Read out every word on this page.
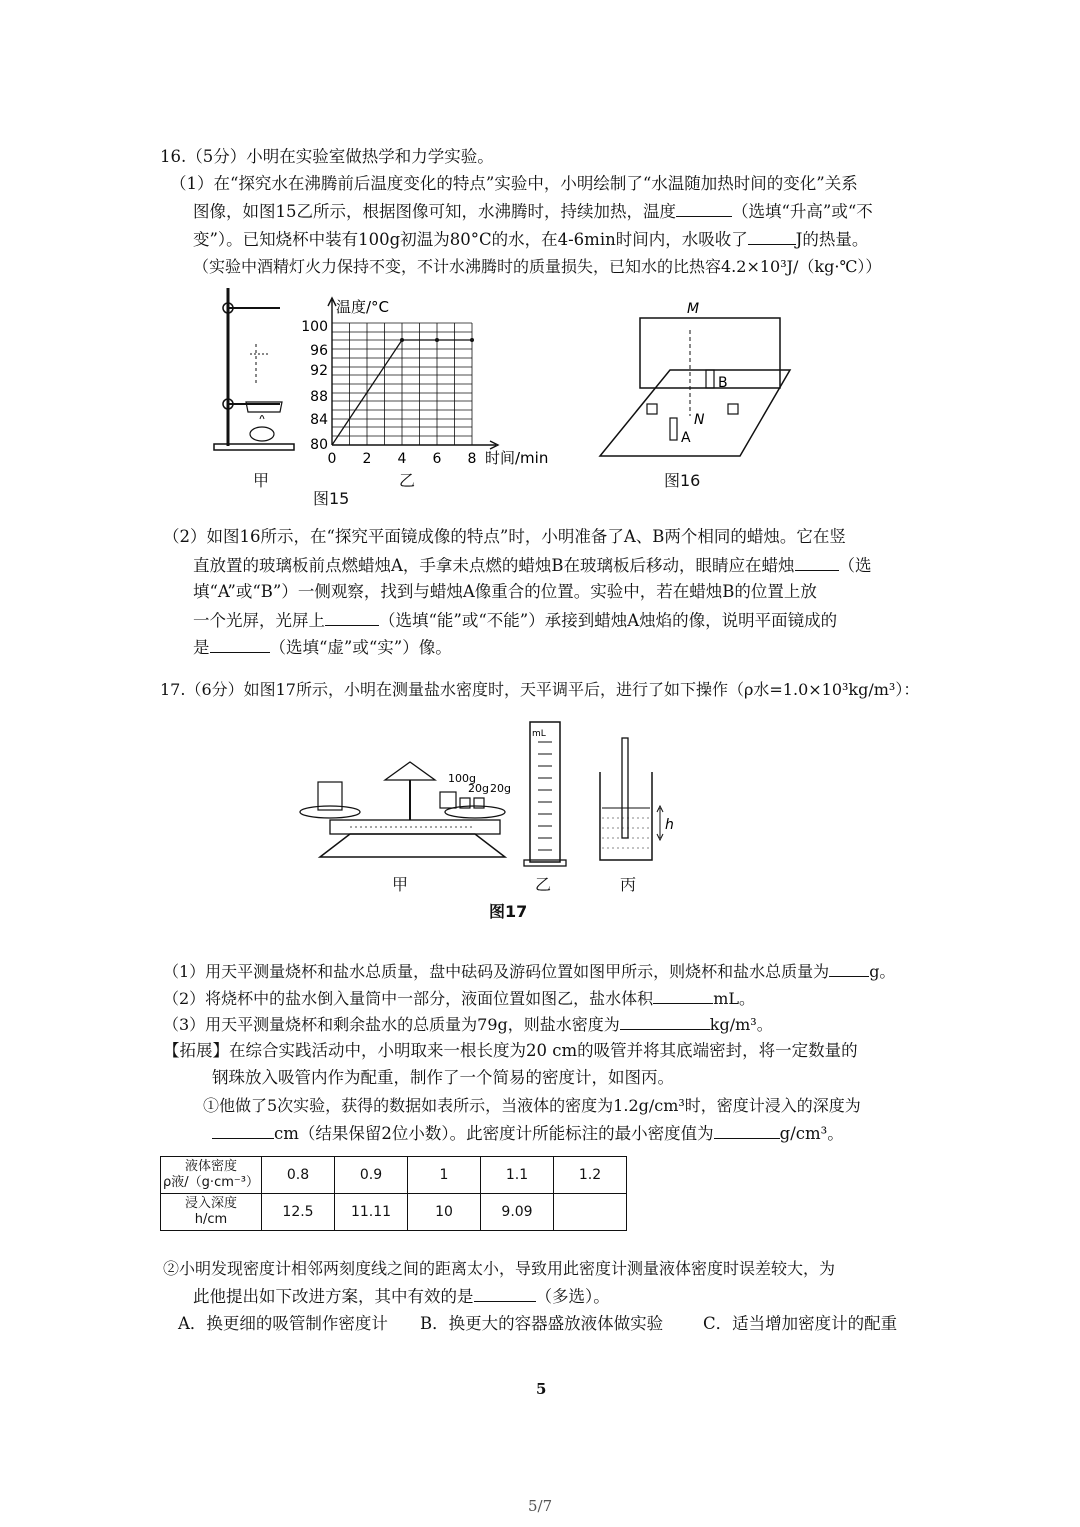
16.（5分）小明在实验室做热学和力学实验。
（1）在“探究水在沸腾前后温度变化的特点”实验中，小明绘制了“水温随加热时间的变化”关系
图像，如图15乙所示，根据图像可知，水沸腾时，持续加热，温度	（选填“升高”或“不
变”）。已知烧杯中装有100g初温为80°C的水，在4-6min时间内，水吸收了	J的热量。
（实验中酒精灯火力保持不变，不计水沸腾时的质量损失，已知水的比热容4.2×10³J/（kg·℃））
甲
图15
温度/°C
100
96
92
88
84
80
0 2 4 6 8 时间/min
乙
M
B
N
A
图16
（2）如图16所示，在“探究平面镜成像的特点”时，小明准备了A、B两个相同的蜡烛。它在竖
直放置的玻璃板前点燃蜡烛A，手拿未点燃的蜡烛B在玻璃板后移动，眼睛应在蜡烛	（选
填“A”或“B”）一侧观察，找到与蜡烛A像重合的位置。实验中，若在蜡烛B的位置上放
一个光屏，光屏上	（选填“能”或“不能”）承接到蜡烛A烛焰的像，说明平面镜成的
是	（选填“虚”或“实”）像。
17.（6分）如图17所示，小明在测量盐水密度时，天平调平后，进行了如下操作（ρ水=1.0×10³kg/m³）：
100g
20g 20g
mL
h
甲	乙	丙
图17
（1）用天平测量烧杯和盐水总质量，盘中砝码及游码位置如图甲所示，则烧杯和盐水总质量为	g。
（2）将烧杯中的盐水倒入量筒中一部分，液面位置如图乙，盐水体积	mL。
（3）用天平测量烧杯和剩余盐水的总质量为79g，则盐水密度为	kg/m³。
【拓展】在综合实践活动中，小明取来一根长度为20 cm的吸管并将其底端密封，将一定数量的
钢珠放入吸管内作为配重，制作了一个简易的密度计，如图丙。
①他做了5次实验，获得的数据如表所示，当液体的密度为1.2g/cm³时，密度计浸入的深度为
cm（结果保留2位小数）。此密度计所能标注的最小密度值为	g/cm³。
液体密度
ρ液/（g·cm⁻³）	0.8	0.9	1	1.1	1.2
浸入深度
h/cm	12.5	11.11	10	9.09	
②小明发现密度计相邻两刻度线之间的距离太小，导致用此密度计测量液体密度时误差较大，为
此他提出如下改进方案，其中有效的是	（多选）。
A．换更细的吸管制作密度计 B．换更大的容器盛放液体做实验 C．适当增加密度计的配重
5
5/7
